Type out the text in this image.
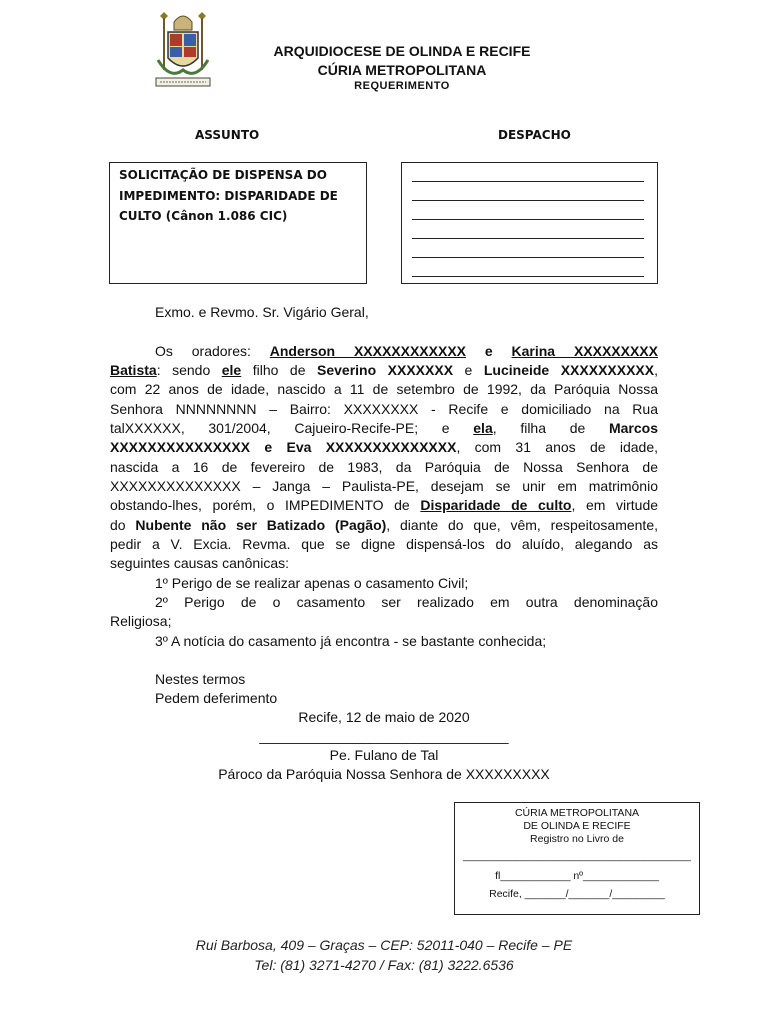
ARQUIDIOCESE DE OLINDA E RECIFE
CÚRIA METROPOLITANA
REQUERIMENTO
ASSUNTO	DESPACHO
SOLICITAÇÃO DE DISPENSA DO
IMPEDIMENTO: DISPARIDADE DE
CULTO (Cânon 1.086 CIC)
Exmo. e Revmo. Sr. Vigário Geral,
Os oradores: Anderson XXXXXXXXXXXX e Karina XXXXXXXXX
Batista: sendo ele filho de Severino XXXXXXX e Lucineide XXXXXXXXXX,
com 22 anos de idade, nascido a 11 de setembro de 1992, da Paróquia Nossa
Senhora NNNNNNNN – Bairro: XXXXXXXX - Recife e domiciliado na Rua
talXXXXXX, 301/2004, Cajueiro-Recife-PE; e ela, filha de Marcos
XXXXXXXXXXXXXXX e Eva XXXXXXXXXXXXXX, com 31 anos de idade,
nascida a 16 de fevereiro de 1983, da Paróquia de Nossa Senhora de
XXXXXXXXXXXXXX – Janga – Paulista-PE, desejam se unir em matrimônio
obstando-lhes, porém, o IMPEDIMENTO de Disparidade de culto, em virtude
do Nubente não ser Batizado (Pagão), diante do que, vêm, respeitosamente,
pedir a V. Excia. Revma. que se digne dispensá-los do aluído, alegando as
seguintes causas canônicas:
1º Perigo de se realizar apenas o casamento Civil;
2º Perigo de o casamento ser realizado em outra denominação
Religiosa;
3º A notícia do casamento já encontra - se bastante conhecida;
Nestes termos
Pedem deferimento
Recife, 12 de maio de 2020
________________________________
Pe. Fulano de Tal
Pároco da Paróquia Nossa Senhora de XXXXXXXXX
CÚRIA METROPOLITANA
DE OLINDA E RECIFE
Registro no Livro de
_______________________________________
fl____________ nº_____________
Recife, _______/_______/_________
Rui Barbosa, 409 – Graças – CEP: 52011-040 – Recife – PE
Tel: (81) 3271-4270 / Fax: (81) 3222.6536
